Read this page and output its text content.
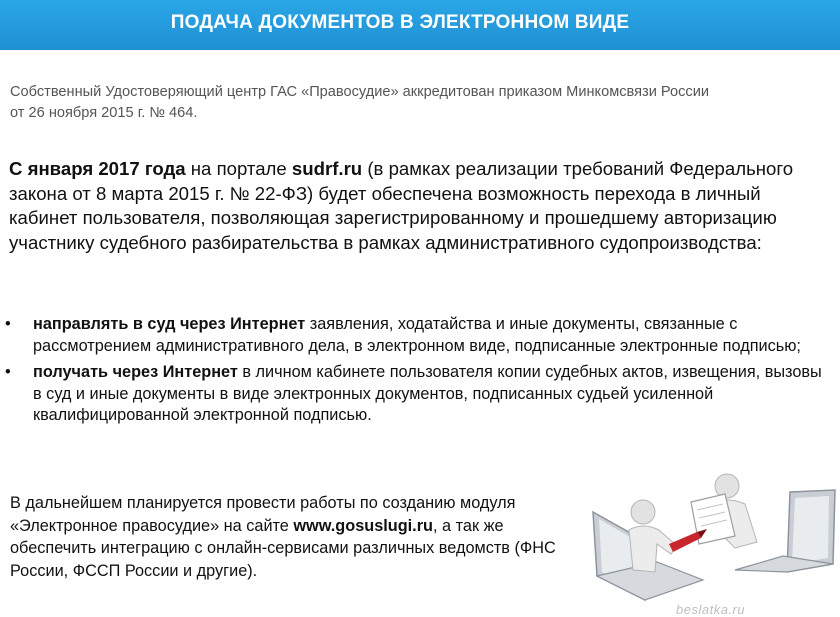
ПОДАЧА ДОКУМЕНТОВ В ЭЛЕКТРОННОМ ВИДЕ
Собственный Удостоверяющий центр ГАС «Правосудие» аккредитован приказом Минкомсвязи России
от 26 ноября 2015 г. № 464.
С января 2017 года на портале sudrf.ru (в рамках реализации требований Федерального закона от 8 марта 2015 г. № 22-ФЗ) будет обеспечена возможность перехода в личный кабинет пользователя, позволяющая зарегистрированному и прошедшему авторизацию участнику судебного разбирательства в рамках административного судопроизводства:
• направлять в суд через Интернет заявления, ходатайства и иные документы, связанные с рассмотрением административного дела, в электронном виде, подписанные электронные подписью;
• получать через Интернет в личном кабинете пользователя копии судебных актов, извещения, вызовы в суд и иные документы в виде электронных документов, подписанных судьей усиленной квалифицированной электронной подписью.
В дальнейшем планируется провести работы по созданию модуля «Электронное правосудие» на сайте www.gosuslugi.ru, а так же обеспечить интеграцию с онлайн-сервисами различных ведомств (ФНС России, ФССП России и другие).
beslatka.ru
